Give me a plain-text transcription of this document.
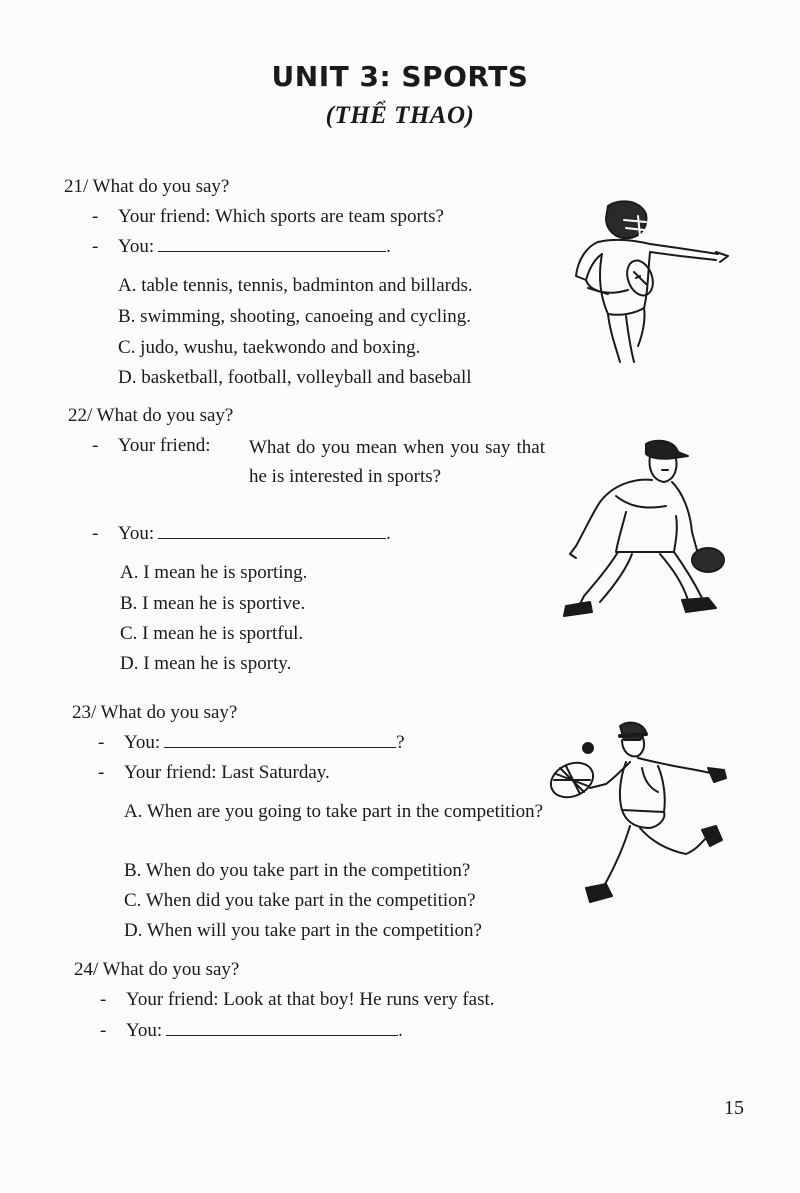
UNIT 3: SPORTS
(THỂ THAO)
21/ What do you say?
- Your friend: Which sports are team sports?
- You:	.
A. table tennis, tennis, badminton and billards.
B. swimming, shooting, canoeing and cycling.
C. judo, wushu, taekwondo and boxing.
D. basketball, football, volleyball and baseball
22/ What do you say?
- Your friend: What do you mean when you say that he is interested in sports?
- You:	.
A. I mean he is sporting.
B. I mean he is sportive.
C. I mean he is sportful.
D. I mean he is sporty.
23/ What do you say?
- You:	?
- Your friend: Last Saturday.
A. When are you going to take part in the competition?
B. When do you take part in the competition?
C. When did you take part in the competition?
D. When will you take part in the competition?
24/ What do you say?
- Your friend: Look at that boy! He runs very fast.
- You:	.
15
